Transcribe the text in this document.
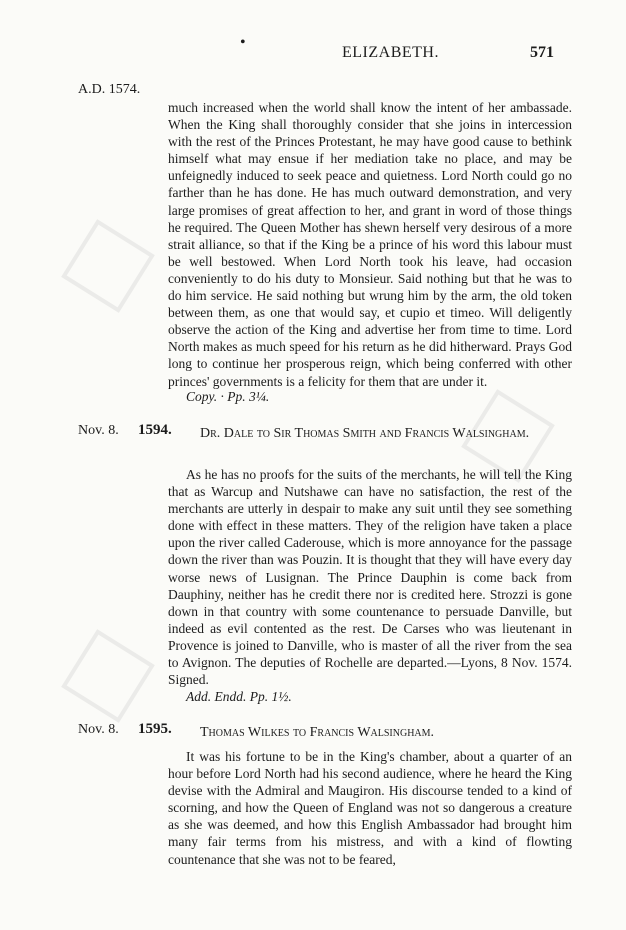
•
ELIZABETH.	571
A.D. 1574.

much increased when the world shall know the intent of her ambassade. When the King shall thoroughly consider that she joins in intercession with the rest of the Princes Protestant, he may have good cause to bethink himself what may ensue if her mediation take no place, and may be unfeignedly induced to seek peace and quietness. Lord North could go no farther than he has done. He has much outward demonstration, and very large promises of great affection to her, and grant in word of those things he required. The Queen Mother has shewn herself very desirous of a more strait alliance, so that if the King be a prince of his word this labour must be well bestowed. When Lord North took his leave, had occasion conveniently to do his duty to Monsieur. Said nothing but that he was to do him service. He said nothing but wrung him by the arm, the old token between them, as one that would say, et cupio et timeo. Will deligently observe the action of the King and advertise her from time to time. Lord North makes as much speed for his return as he did hitherward. Prays God long to continue her prosperous reign, which being conferred with other princes' governments is a felicity for them that are under it.

Copy. · Pp. 3¼.
Nov. 8. 1594. Dr. Dale to Sir Thomas Smith and Francis Walsingham.

As he has no proofs for the suits of the merchants, he will tell the King that as Warcup and Nutshawe can have no satisfaction, the rest of the merchants are utterly in despair to make any suit until they see something done with effect in these matters. They of the religion have taken a place upon the river called Caderouse, which is more annoyance for the passage down the river than was Pouzin. It is thought that they will have every day worse news of Lusignan. The Prince Dauphin is come back from Dauphiny, neither has he credit there nor is credited here. Strozzi is gone down in that country with some countenance to persuade Danville, but indeed as evil contented as the rest. De Carses who was lieutenant in Provence is joined to Danville, who is master of all the river from the sea to Avignon. The deputies of Rochelle are departed.—Lyons, 8 Nov. 1574. Signed.

Add. Endd. Pp. 1½.
Nov. 8. 1595. Thomas Wilkes to Francis Walsingham.

It was his fortune to be in the King's chamber, about a quarter of an hour before Lord North had his second audience, where he heard the King devise with the Admiral and Maugiron. His discourse tended to a kind of scorning, and how the Queen of England was not so dangerous a creature as she was deemed, and how this English Ambassador had brought him many fair terms from his mistress, and with a kind of flowting countenance that she was not to be feared,
